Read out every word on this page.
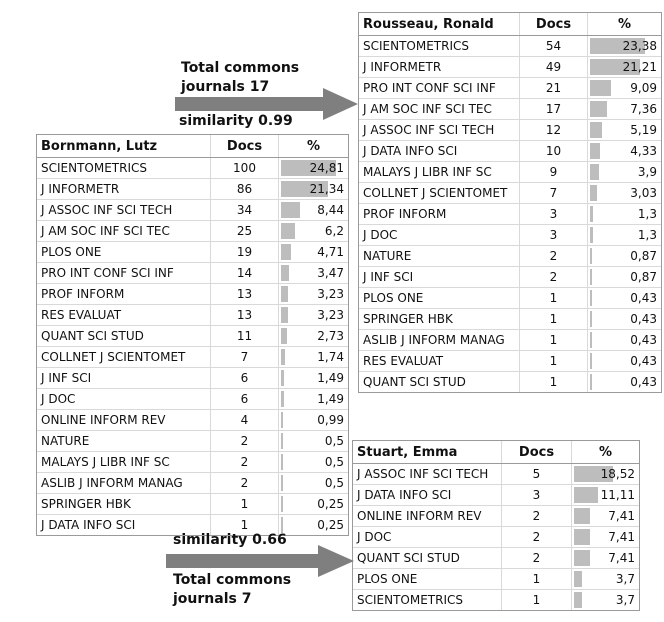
Rousseau, Ronald	Docs	%
SCIENTOMETRICS	54	23,38
J INFORMETR	49	21,21
PRO INT CONF SCI INF	21	9,09
J AM SOC INF SCI TEC	17	7,36
J ASSOC INF SCI TECH	12	5,19
J DATA INFO SCI	10	4,33
MALAYS J LIBR INF SC	9	3,9
COLLNET J SCIENTOMET	7	3,03
PROF INFORM	3	1,3
J DOC	3	1,3
NATURE	2	0,87
J INF SCI	2	0,87
PLOS ONE	1	0,43
SPRINGER HBK	1	0,43
ASLIB J INFORM MANAG	1	0,43
RES EVALUAT	1	0,43
QUANT SCI STUD	1	0,43
Bornmann, Lutz	Docs	%
SCIENTOMETRICS	100	24,81
J INFORMETR	86	21,34
J ASSOC INF SCI TECH	34	8,44
J AM SOC INF SCI TEC	25	6,2
PLOS ONE	19	4,71
PRO INT CONF SCI INF	14	3,47
PROF INFORM	13	3,23
RES EVALUAT	13	3,23
QUANT SCI STUD	11	2,73
COLLNET J SCIENTOMET	7	1,74
J INF SCI	6	1,49
J DOC	6	1,49
ONLINE INFORM REV	4	0,99
NATURE	2	0,5
MALAYS J LIBR INF SC	2	0,5
ASLIB J INFORM MANAG	2	0,5
SPRINGER HBK	1	0,25
J DATA INFO SCI	1	0,25
Stuart, Emma	Docs	%
J ASSOC INF SCI TECH	5	18,52
J DATA INFO SCI	3	11,11
ONLINE INFORM REV	2	7,41
J DOC	2	7,41
QUANT SCI STUD	2	7,41
PLOS ONE	1	3,7
SCIENTOMETRICS	1	3,7
Total commons
journals 17
similarity 0.99
similarity 0.66
Total commons
journals 7
